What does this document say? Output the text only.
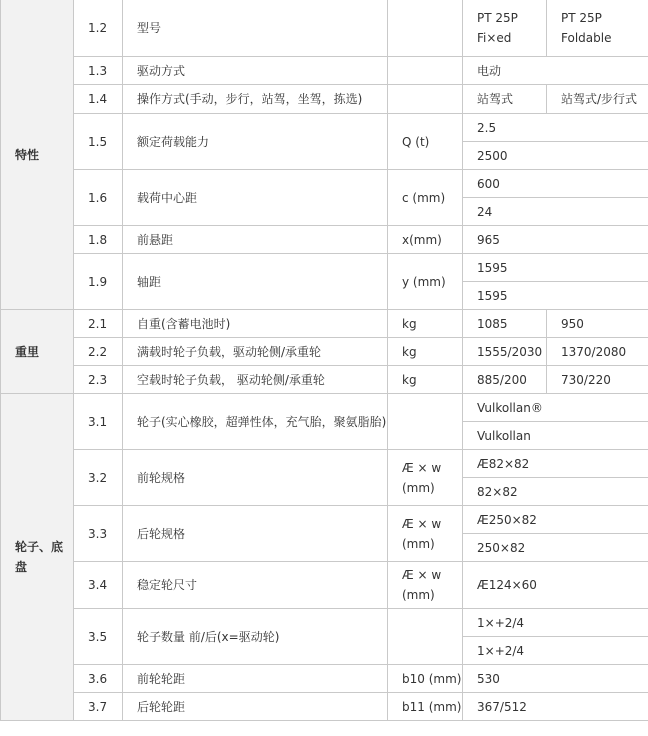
特性	1.2	型号		PT 25P Fi×ed	PT 25P Foldable
	1.3	驱动方式		电动	
	1.4	操作方式(手动，步行，站驾，坐驾，拣选)		站驾式	站驾式/步行式
	1.5	额定荷载能力	Q (t)	2.5	
				2500	
	1.6	载荷中心距	c (mm)	600	
				24	
	1.8	前悬距	x(mm)	965	
	1.9	轴距	y (mm)	1595	
				1595	
重里	2.1	自重(含蓄电池时)	kg	1085	950
	2.2	满载时轮子负载，驱动轮侧/承重轮	kg	1555/2030	1370/2080
	2.3	空载时轮子负载， 驱动轮侧/承重轮	kg	885/200	730/220
轮子、底盘	3.1	轮子(实心橡胶，超弹性体，充气胎，聚氨脂胎)		Vulkollan®	
				Vulkollan	
	3.2	前轮规格	Æ × w (mm)	Æ82×82	
				82×82	
	3.3	后轮规格	Æ × w (mm)	Æ250×82	
				250×82	
	3.4	稳定轮尺寸	Æ × w (mm)	Æ124×60	
	3.5	轮子数量 前/后(x=驱动轮)		1×+2/4	
				1×+2/4	
	3.6	前轮轮距	b10 (mm)	530	
	3.7	后轮轮距	b11 (mm)	367/512	
